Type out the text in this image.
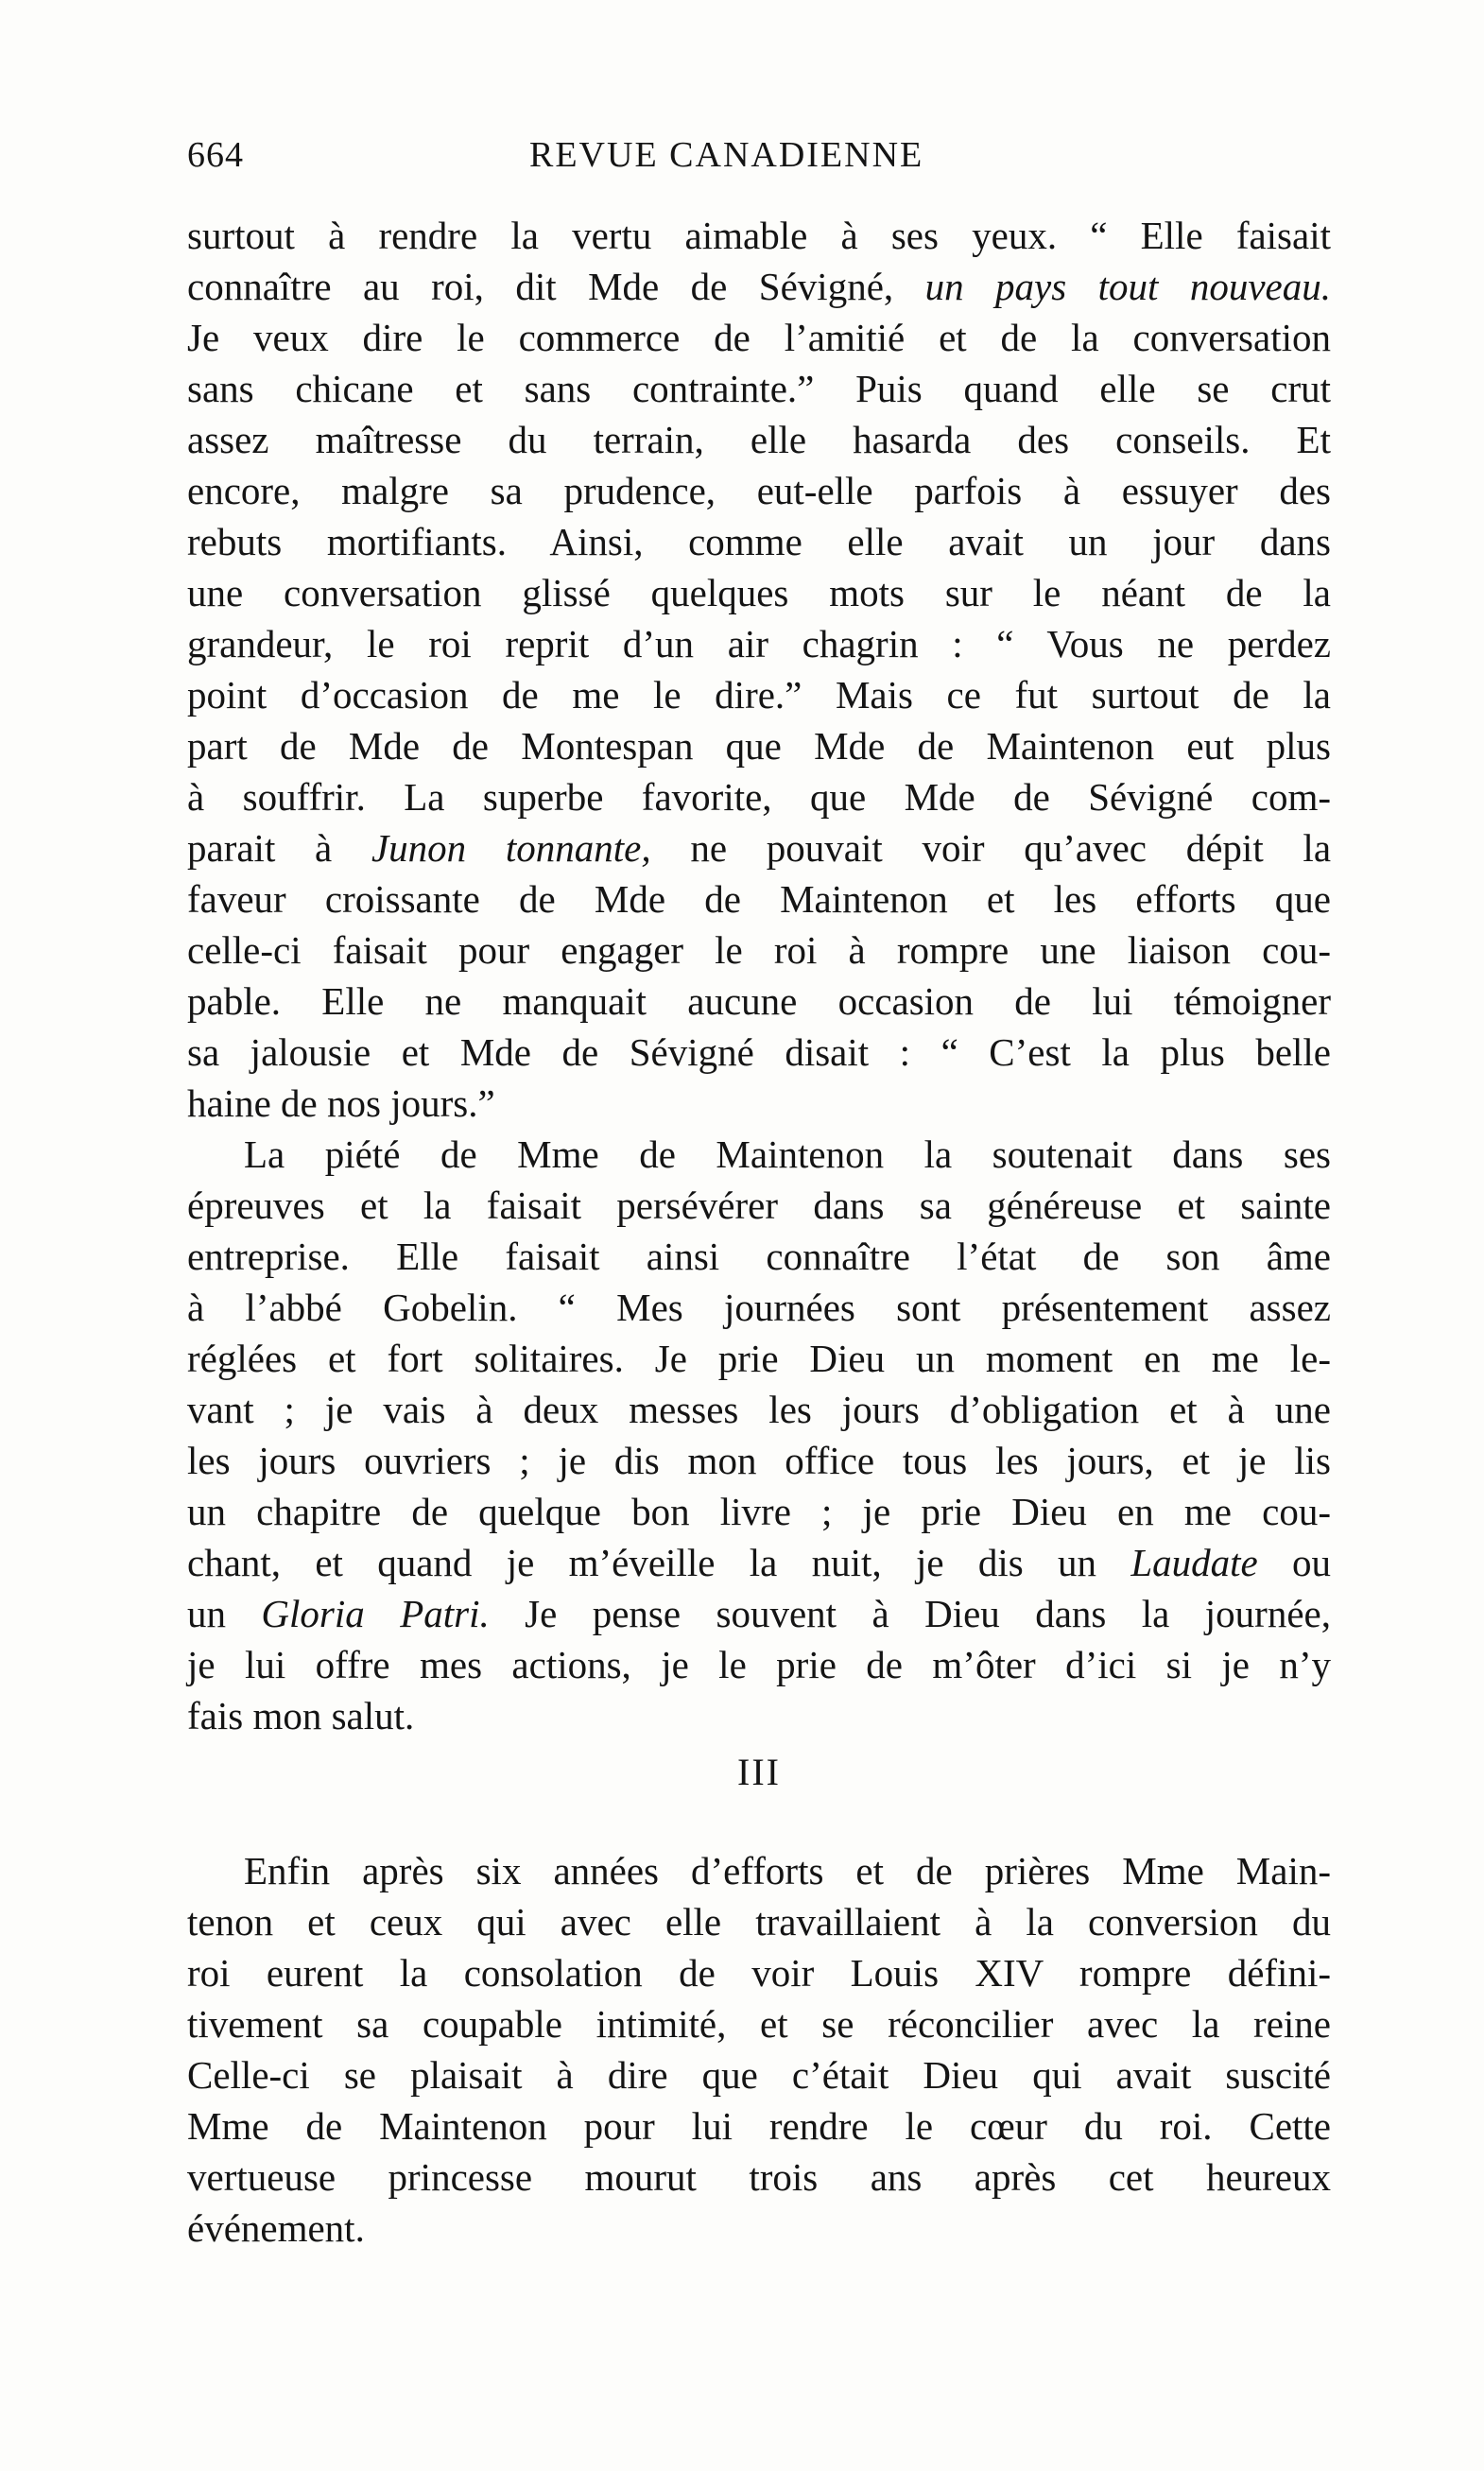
664	REVUE CANADIENNE
surtout à rendre la vertu aimable à ses yeux. “ Elle faisait
connaître au roi, dit Mde de Sévigné, un pays tout nouveau.
Je veux dire le commerce de l’amitié et de la conversation
sans chicane et sans contrainte.” Puis quand elle se crut
assez maîtresse du terrain, elle hasarda des conseils. Et
encore, malgre sa prudence, eut-elle parfois à essuyer des
rebuts mortifiants. Ainsi, comme elle avait un jour dans
une conversation glissé quelques mots sur le néant de la
grandeur, le roi reprit d’un air chagrin : “ Vous ne perdez
point d’occasion de me le dire.” Mais ce fut surtout de la
part de Mde de Montespan que Mde de Maintenon eut plus
à souffrir. La superbe favorite, que Mde de Sévigné com-
parait à Junon tonnante, ne pouvait voir qu’avec dépit la
faveur croissante de Mde de Maintenon et les efforts que
celle-ci faisait pour engager le roi à rompre une liaison cou-
pable. Elle ne manquait aucune occasion de lui témoigner
sa jalousie et Mde de Sévigné disait : “ C’est la plus belle
haine de nos jours.”
La piété de Mme de Maintenon la soutenait dans ses
épreuves et la faisait persévérer dans sa généreuse et sainte
entreprise. Elle faisait ainsi connaître l’état de son âme
à l’abbé Gobelin. “ Mes journées sont présentement assez
réglées et fort solitaires. Je prie Dieu un moment en me le-
vant ; je vais à deux messes les jours d’obligation et à une
les jours ouvriers ; je dis mon office tous les jours, et je lis
un chapitre de quelque bon livre ; je prie Dieu en me cou-
chant, et quand je m’éveille la nuit, je dis un Laudate ou
un Gloria Patri. Je pense souvent à Dieu dans la journée,
je lui offre mes actions, je le prie de m’ôter d’ici si je n’y
fais mon salut.
III
Enfin après six années d’efforts et de prières Mme Main-
tenon et ceux qui avec elle travaillaient à la conversion du
roi eurent la consolation de voir Louis XIV rompre défini-
tivement sa coupable intimité, et se réconcilier avec la reine
Celle-ci se plaisait à dire que c’était Dieu qui avait suscité
Mme de Maintenon pour lui rendre le cœur du roi. Cette
vertueuse princesse mourut trois ans après cet heureux
événement.
